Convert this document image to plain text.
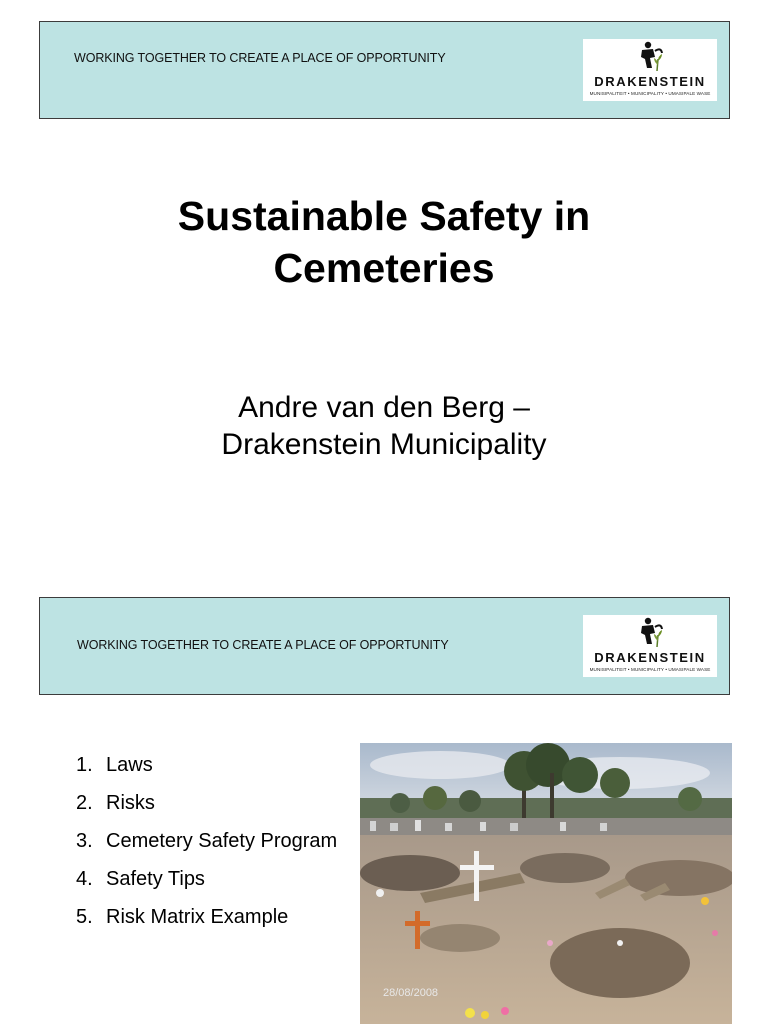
WORKING TOGETHER TO CREATE A PLACE OF OPPORTUNITY
DRAKENSTEIN
MUNISIPALITEIT • MUNICIPALITY • UMASIPALE WASE
Sustainable Safety in
Cemeteries
Andre van den Berg –
Drakenstein Municipality
WORKING TOGETHER TO CREATE A PLACE OF OPPORTUNITY
DRAKENSTEIN
MUNISIPALITEIT • MUNICIPALITY • UMASIPALE WASE
1. Laws
2. Risks
3. Cemetery Safety Program
4. Safety Tips
5. Risk Matrix Example
28/08/2008
